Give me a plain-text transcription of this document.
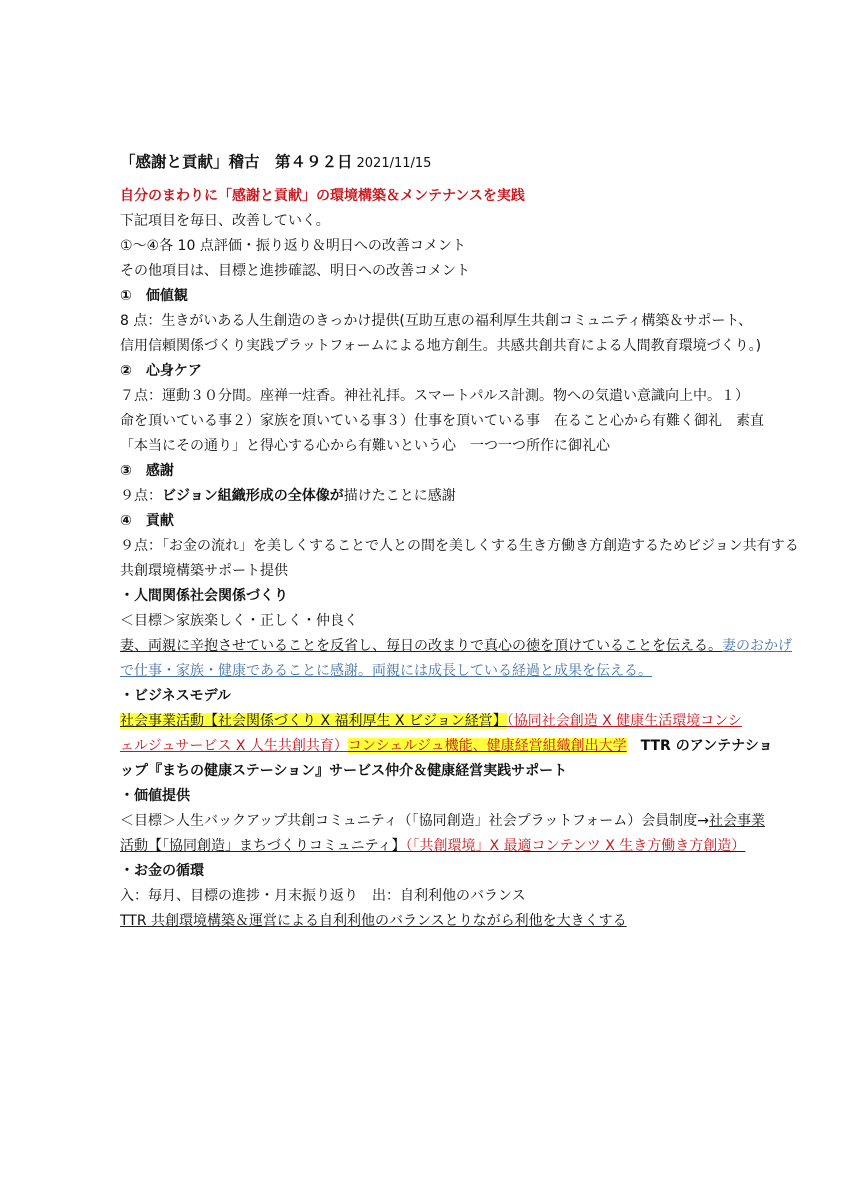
「感謝と貢献」稽古　第４９２日 2021/11/15
自分のまわりに「感謝と貢献」の環境構築＆メンテナンスを実践
下記項目を毎日、改善していく。
①～④各 10 点評価・振り返り＆明日への改善コメント
その他項目は、目標と進捗確認、明日への改善コメント
①　価値観
8 点：生きがいある人生創造のきっかけ提供(互助互恵の福利厚生共創コミュニティ構築＆サポート、
信用信頼関係づくり実践プラットフォームによる地方創生。共感共創共育による人間教育環境づくり。)
②　心身ケア
７点：運動３０分間。座禅一炷香。神社礼拝。スマートパルス計測。物への気遣い意識向上中。１）
命を頂いている事２）家族を頂いている事３）仕事を頂いている事　在ること心から有難く御礼　素直
「本当にその通り」と得心する心から有難いという心　一つ一つ所作に御礼心
③　感謝
９点：ビジョン組織形成の全体像が描けたことに感謝
④　貢献
９点：「お金の流れ」を美しくすることで人との間を美しくする生き方働き方創造するためビジョン共有する
共創環境構築サポート提供
・人間関係社会関係づくり
＜目標＞家族楽しく・正しく・仲良く
妻、両親に辛抱させていることを反省し、毎日の改まりで真心の徳を頂けていることを伝える。妻のおかげ
で仕事・家族・健康であることに感謝。両親には成長している経過と成果を伝える。
・ビジネスモデル
社会事業活動【社会関係づくり X 福利厚生 X ビジョン経営】（協同社会創造 X 健康生活環境コンシ
ェルジュサービス X 人生共創共育）コンシェルジュ機能、健康経営組織創出大学 TTR のアンテナショ
ップ『まちの健康ステーション』サービス仲介＆健康経営実践サポート
・価値提供
＜目標＞人生バックアップ共創コミュニティ（「協同創造」社会プラットフォーム）会員制度→社会事業
活動【「協同創造」まちづくりコミュニティ】（「共創環境」X 最適コンテンツ X 生き方働き方創造）
・お金の循環
入：毎月、目標の進捗・月末振り返り　出：自利利他のバランス
TTR 共創環境構築＆運営による自利利他のバランスとりながら利他を大きくする
